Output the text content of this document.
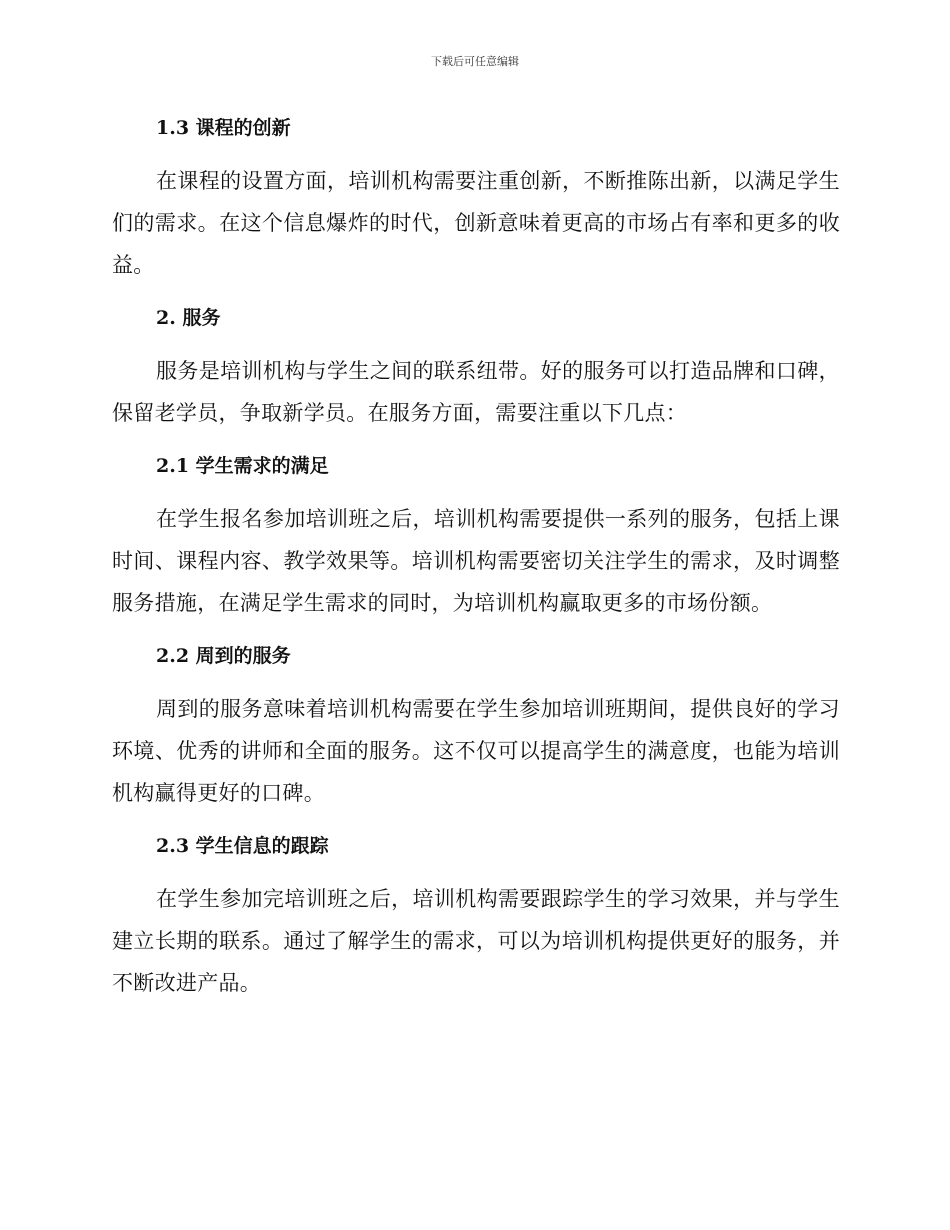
下载后可任意编辑
1.3 课程的创新

在课程的设置方面，培训机构需要注重创新，不断推陈出新，以满足学生们的需求。在这个信息爆炸的时代，创新意味着更高的市场占有率和更多的收益。

2. 服务

服务是培训机构与学生之间的联系纽带。好的服务可以打造品牌和口碑，保留老学员，争取新学员。在服务方面，需要注重以下几点：

2.1 学生需求的满足

在学生报名参加培训班之后，培训机构需要提供一系列的服务，包括上课时间、课程内容、教学效果等。培训机构需要密切关注学生的需求，及时调整服务措施，在满足学生需求的同时，为培训机构赢取更多的市场份额。

2.2 周到的服务

周到的服务意味着培训机构需要在学生参加培训班期间，提供良好的学习环境、优秀的讲师和全面的服务。这不仅可以提高学生的满意度，也能为培训机构赢得更好的口碑。

2.3 学生信息的跟踪

在学生参加完培训班之后，培训机构需要跟踪学生的学习效果，并与学生建立长期的联系。通过了解学生的需求，可以为培训机构提供更好的服务，并不断改进产品。
